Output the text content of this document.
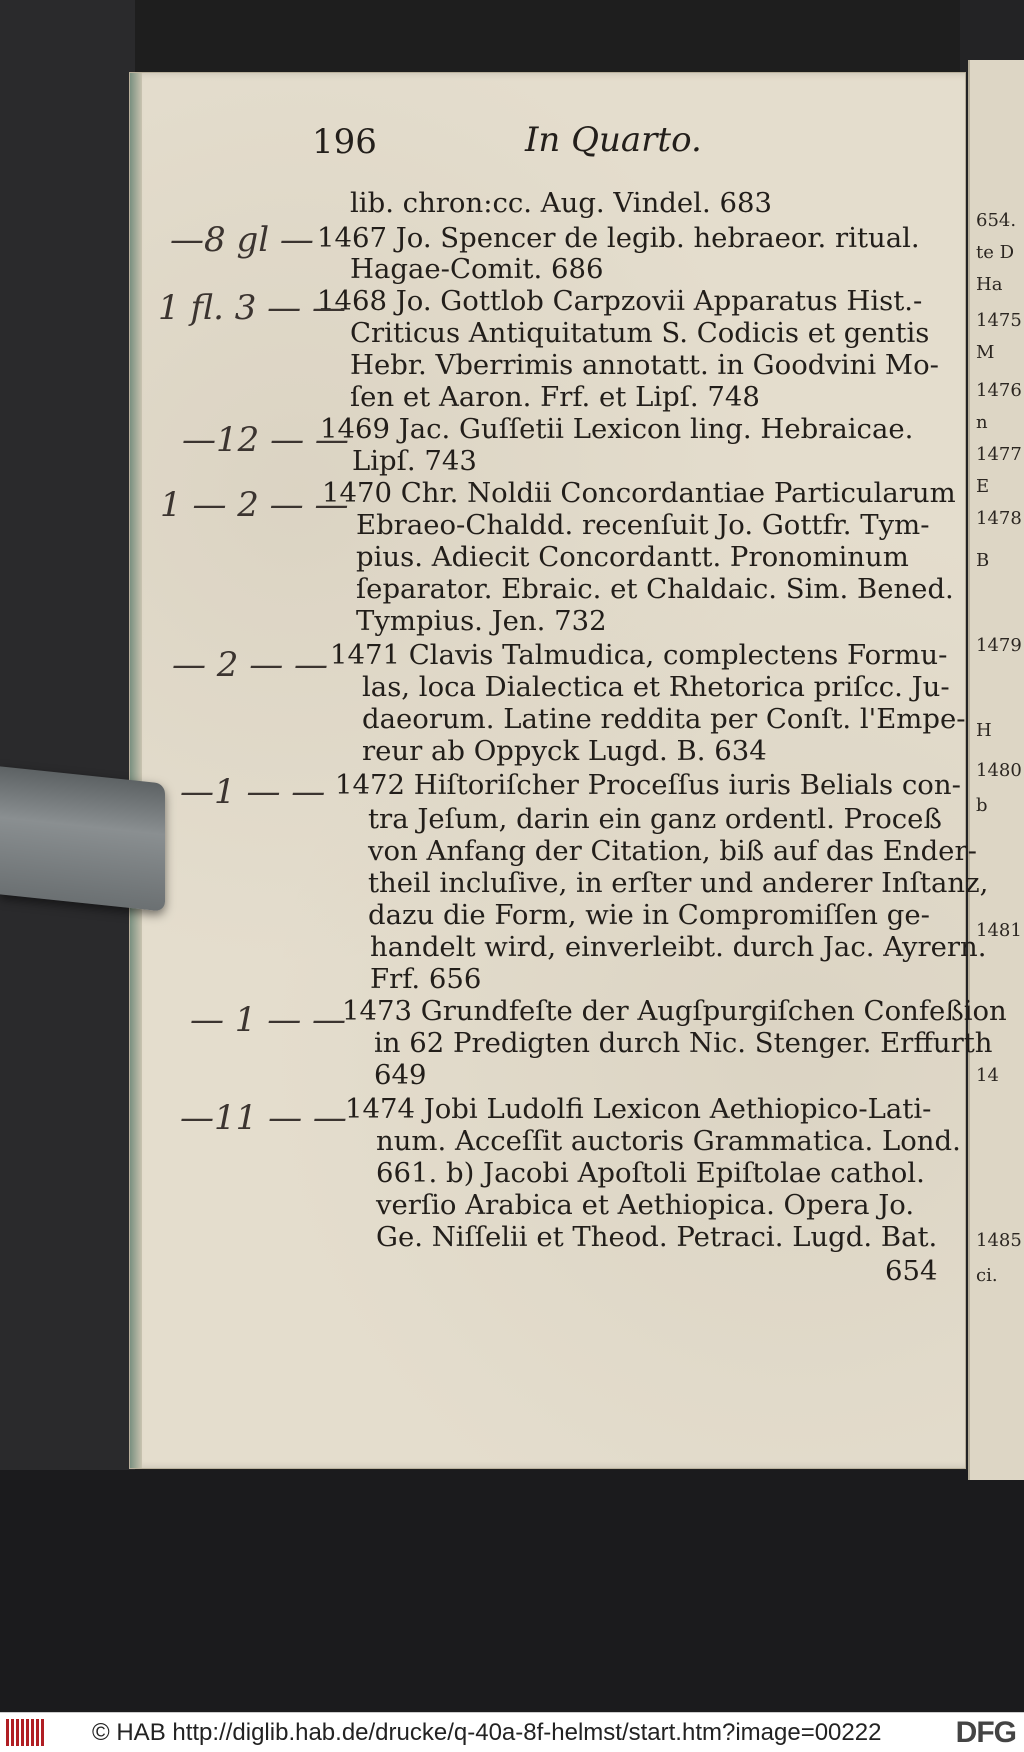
654.
te D
Ha
1475
M
1476
n
1477
E
1478
B
1479
H
1480
b
1481
14
1485
ci.
196	In Quarto.
lib. chron:cc. Aug. Vindel. 683
1467 Jo. Spencer de legib. hebraeor. ritual.
Hagae-Comit. 686
1468 Jo. Gottlob Carpzovii Apparatus Hist.-
Criticus Antiquitatum S. Codicis et gentis
Hebr. Vberrimis annotatt. in Goodvini Mo-
ſen et Aaron. Frf. et Lipſ. 748
1469 Jac. Guſſetii Lexicon ling. Hebraicae.
Lipſ. 743
1470 Chr. Noldii Concordantiae Particularum
Ebraeo-Chaldd. recenſuit Jo. Gottfr. Tym-
pius. Adiecit Concordantt. Pronominum
ſeparator. Ebraic. et Chaldaic. Sim. Bened.
Tympius. Jen. 732
1471 Clavis Talmudica, complectens Formu-
las, loca Dialectica et Rhetorica priſcc. Ju-
daeorum. Latine reddita per Conſt. l'Empe-
reur ab Oppyck Lugd. B. 634
1472 Hiſtoriſcher Proceſſus iuris Belials con-
tra Jeſum, darin ein ganz ordentl. Proceß
von Anfang der Citation, biß auf das Ender-
theil incluſive, in erſter und anderer Inſtanz,
dazu die Form, wie in Compromiſſen ge-
handelt wird, einverleibt. durch Jac. Ayrern.
Frf. 656
1473 Grundfeſte der Augſpurgiſchen Confeßion
in 62 Predigten durch Nic. Stenger. Erffurth
649
1474 Jobi Ludolfi Lexicon Aethiopico-Lati-
num. Acceſſit auctoris Grammatica. Lond.
661. b) Jacobi Apoſtoli Epiſtolae cathol.
verſio Arabica et Aethiopica. Opera Jo.
Ge. Niſſelii et Theod. Petraci. Lugd. Bat.
654
—8 gl —
1 fl. 3 — —
—12 — —
1 — 2 — —
— 2 — —
—1 — —
— 1 — —
—11 — —
© HAB http://diglib.hab.de/drucke/q-40a-8f-helmst/start.htm?image=00222 DFG
